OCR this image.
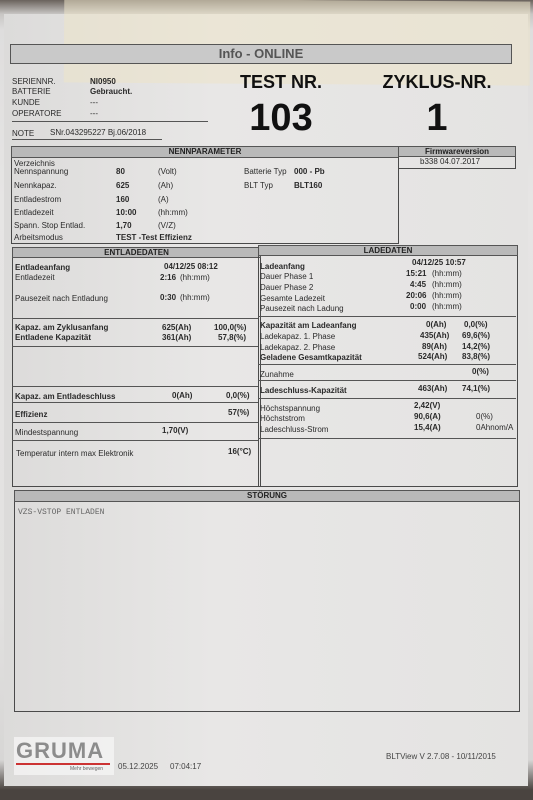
Info - ONLINE
SERIENNR.	NI0950
BATTERIE	Gebraucht.
KUNDE	---
OPERATORE	---
NOTE SNr.043295227 Bj.06/2018
TEST NR.
103
ZYKLUS-NR.
1
NENNPARAMETER
Verzeichnis
Nennspannung	80	(Volt)
Nennkapaz.	625	(Ah)
Entladestrom	160	(A)
Entladezeit	10:00	(hh:mm)
Spann. Stop Entlad.	1,70	(V/Z)
Arbeitsmodus	TEST -Test Effizienz
Batterie Typ 000 - Pb
BLT Typ	BLT160
Firmwareversion
b338 04.07.2017
ENTLADEDATEN
Entladeanfang	04/12/25 08:12
Entladezeit	2:16 (hh:mm)
Pausezeit nach Entladung	0:30 (hh:mm)
Kapaz. am Zyklusanfang	625(Ah)	100,0(%)
Entladene Kapazität	361(Ah)	57,8(%)
Kapaz. am Entladeschluss	0(Ah)	0,0(%)
Effizienz	57(%)
Mindestspannung	1,70(V)
Temperatur intern max Elektronik	16(°C)
LADEDATEN
Ladeanfang	04/12/25 10:57
Dauer Phase 1	15:21 (hh:mm)
Dauer Phase 2	4:45 (hh:mm)
Gesamte Ladezeit	20:06 (hh:mm)
Pausezeit nach Ladung	0:00 (hh:mm)
Kapazität am Ladeanfang	0(Ah) 0,0(%)
Ladekapaz. 1. Phase	435(Ah) 69,6(%)
Ladekapaz. 2. Phase	89(Ah) 14,2(%)
Geladene Gesamtkapazität	524(Ah) 83,8(%)
Zunahme	0(%)
Ladeschluss-Kapazität	463(Ah) 74,1(%)
Höchstspannung	2,42(V)
Höchststrom	90,6(A)	0(%)
Ladeschluss-Strom	15,4(A)	0Ahnom/A
STÖRUNG
VZS-VSTOP ENTLADEN
GRUMA
Mehr bewegen 05.12.2025 07:04:17
BLTView V 2.7.08 - 10/11/2015
